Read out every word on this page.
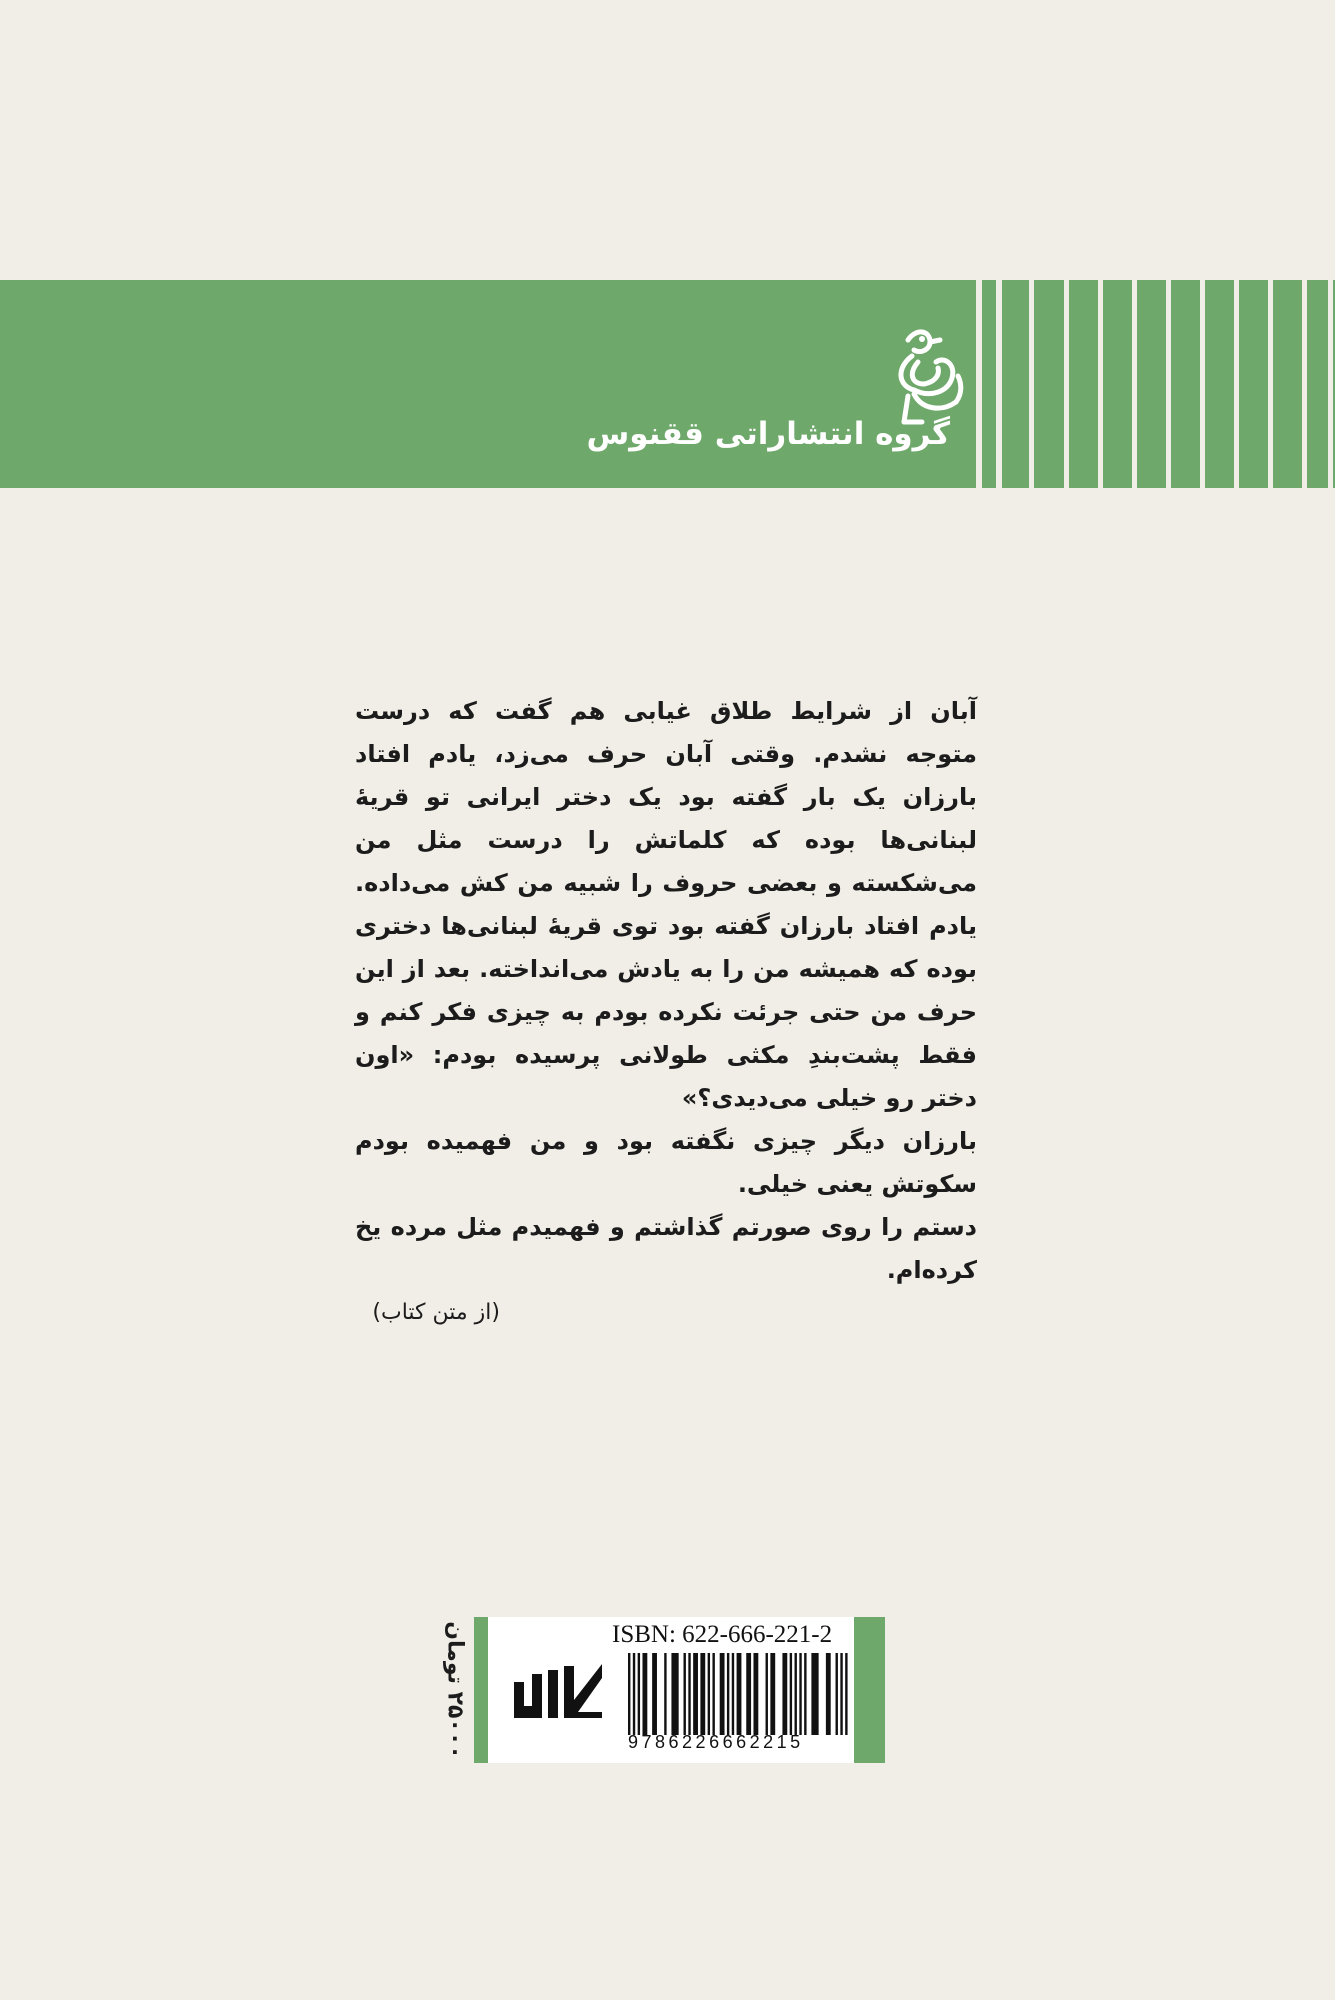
گروه انتشاراتی ققنوس

آبان از شرایط طلاق غیابی هم گفت که درست متوجه نشدم. وقتی آبان حرف می‌زد، یادم افتاد بارزان یک بار گفته بود یک دختر ایرانی تو قریهٔ لبنانی‌ها بوده که کلماتش را درست مثل من می‌شکسته و بعضی حروف را شبیه من کش می‌داده. یادم افتاد بارزان گفته بود توی قریهٔ لبنانی‌ها دختری بوده که همیشه من را به یادش می‌انداخته. بعد از این حرف من حتی جرئت نکرده بودم به چیزی فکر کنم و فقط پشت‌بندِ مکثی طولانی پرسیده بودم: «اون دختر رو خیلی می‌دیدی؟»

بارزان دیگر چیزی نگفته بود و من فهمیده بودم سکوتش یعنی خیلی.

دستم را روی صورتم گذاشتم و فهمیدم مثل مرده یخ کرده‌ام.

(از متن کتاب)
۲۵۰۰۰ تومان
ISBN: 622-666-221-2
9786226662215
